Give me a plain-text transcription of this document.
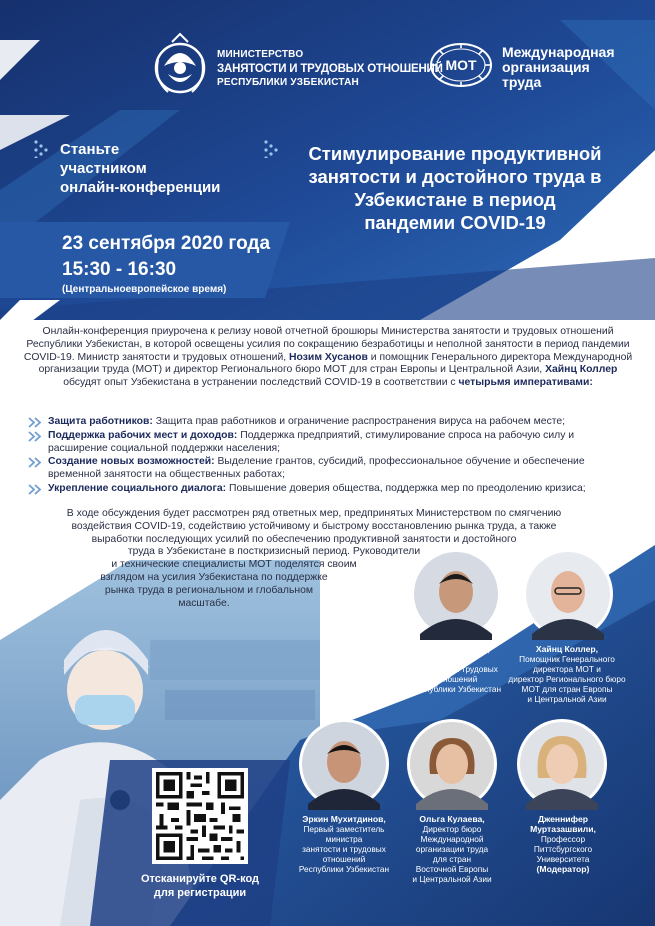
МИНИСТЕРСТВО
ЗАНЯТОСТИ И ТРУДОВЫХ ОТНОШЕНИЙ
РЕСПУБЛИКИ УЗБЕКИСТАН
МОТ
Международная
организация
труда
Станьте
участником
онлайн-конференции
Стимулирование продуктивной
занятости и достойного труда в
Узбекистане в период
пандемии COVID-19
23 сентября 2020 года
15:30 - 16:30
(Центральноевропейское время)
Онлайн-конференция приурочена к релизу новой отчетной брошюры Министерства занятости и трудовых отношений Республики Узбекистан, в которой освещены усилия по сокращению безработицы и неполной занятости в период пандемии COVID-19. Министр занятости и трудовых отношений, Нозим Хусанов и помощник Генерального директора Международной организации труда (МОТ) и директор Регионального бюро МОТ для стран Европы и Центральной Азии, Хайнц Коллер обсудят опыт Узбекистана в устранении последствий COVID-19 в соответствии с четырьмя императивами:
Защита работников: Защита прав работников и ограничение распространения вируса на рабочем месте;
Поддержка рабочих мест и доходов: Поддержка предприятий, стимулирование спроса на рабочую силу и расширение социальной поддержки населения;
Создание новых возможностей: Выделение грантов, субсидий, профессиональное обучение и обеспечение временной занятости на общественных работах;
Укрепление социального диалога: Повышение доверия общества, поддержка мер по преодолению кризиса;
В ходе обсуждения будет рассмотрен ряд ответных мер, предпринятых Министерством по смягчению
воздействия COVID-19, содействию устойчивому и быстрому восстановлению рынка труда, а также
выработки последующих усилий по обеспечению продуктивной занятости и достойного
труда в Узбекистане в посткризисный период. Руководители
и технические специалисты МОТ поделятся своим
взглядом на усилия Узбекистана по поддержке
рынка труда в региональном и глобальном
масштабе.
Нозим Хусанов,
Министр
занятости и трудовых
отношений
Республики Узбекистан
Хайнц Коллер,
Помощник Генерального
директора МОТ и
директор Регионального бюро
МОТ для стран Европы
и Центральной Азии
Эркин Мухитдинов,
Первый заместитель
министра
занятости и трудовых
отношений
Республики Узбекистан
Ольга Кулаева,
Директор бюро
Международной
организации труда
для стран
Восточной Европы
и Центральной Азии
Дженнифер
Муртазашвили,
Профессор
Питтсбургского
Университета
(Модератор)
Отсканируйте QR-код
для регистрации
